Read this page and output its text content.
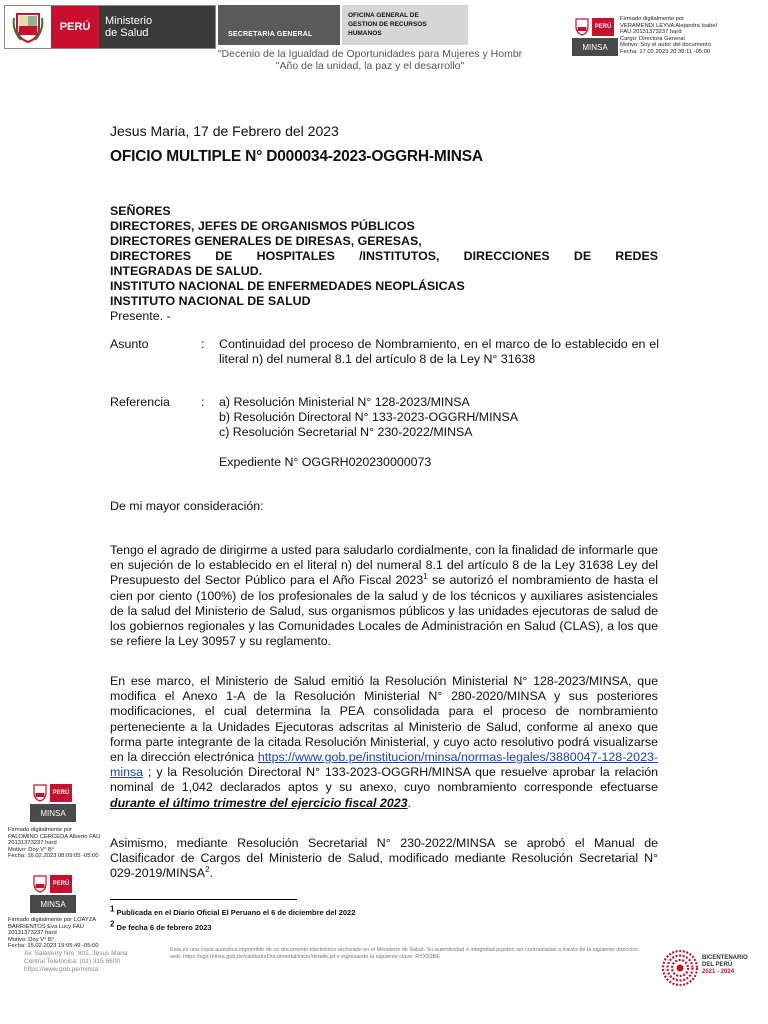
PERÚ	Ministerio
de Salud	SECRETARIA GENERAL
OFICINA GENERAL DE
GESTION DE RECURSOS
HUMANOS
PERÚ
MINSA
Firmado digitalmente por
VERAMENDI LEYVA Alejandra Isabel
FAU 20131373237 hard
Cargo: Directora General
Motivo: Soy el autor del documento
Fecha: 17.02.2023 20:38:11 -05:00
"Decenio de la Igualdad de Oportunidades para Mujeres y Hombr
"Año de la unidad, la paz y el desarrollo"
Jesus Maria, 17 de Febrero del 2023
OFICIO MULTIPLE N° D000034-2023-OGGRH-MINSA

SEÑORES

DIRECTORES, JEFES DE ORGANISMOS PÚBLICOS

DIRECTORES GENERALES DE DIRESAS, GERESAS,

DIRECTORES DE HOSPITALES /INSTITUTOS, DIRECCIONES DE REDES

INTEGRADAS DE SALUD.

INSTITUTO NACIONAL DE ENFERMEDADES NEOPLÁSICAS

INSTITUTO NACIONAL DE SALUD

Presente. -

Asunto	: Continuidad del proceso de Nombramiento, en el marco de lo establecido en el literal n) del numeral 8.1 del artículo 8 de la Ley N° 31638
Referencia	: a) Resolución Ministerial N° 128-2023/MINSA
b) Resolución Directoral N° 133-2023-OGGRH/MINSA
c) Resolución Secretarial N° 230-2022/MINSA
Expediente N° OGGRH020230000073
De mi mayor consideración:
Tengo el agrado de dirigirme a usted para saludarlo cordialmente, con la finalidad de informarle que en sujeción de lo establecido en el literal n) del numeral 8.1 del artículo 8 de la Ley 31638 Ley del Presupuesto del Sector Público para el Año Fiscal 2023$^1$ se autorizó el nombramiento de hasta el cien por ciento (100%) de los profesionales de la salud y de los técnicos y auxiliares asistenciales de la salud del Ministerio de Salud, sus organismos públicos y las unidades ejecutoras de salud de los gobiernos regionales y las Comunidades Locales de Administración en Salud (CLAS), a los que se refiere la Ley 30957 y su reglamento.
En ese marco, el Ministerio de Salud emitió la Resolución Ministerial N° 128-2023/MINSA, que modifica el Anexo 1-A de la Resolución Ministerial N° 280-2020/MINSA y sus posteriores modificaciones, el cual determina la PEA consolidada para el proceso de nombramiento perteneciente a la Unidades Ejecutoras adscritas al Ministerio de Salud, conforme al anexo que forma parte integrante de la citada Resolución Ministerial, y cuyo acto resolutivo podrá visualizarse en la dirección electrónica https://www.gob.pe/institucion/minsa/normas-legales/3880047-128-2023-minsa ; y la Resolución Directoral N° 133-2023-OGGRH/MINSA que resuelve aprobar la relación nominal de 1,042 declarados aptos y su anexo, cuyo nombramiento corresponde efectuarse durante el último trimestre del ejercicio fiscal 2023.
Asimismo, mediante Resolución Secretarial N° 230-2022/MINSA se aprobó el Manual de Clasificador de Cargos del Ministerio de Salud, modificado mediante Resolución Secretarial N° 029-2019/MINSA$^2$.
$^1$ Publicada en el Diario Oficial El Peruano el 6 de diciembre del 2022
$^2$ De fecha 6 de febrero 2023
PERÚ
MINSA
Firmado digitalmente por
PALOMINO CERCEDA Alberto FAU
20131373237 hard
Motivo: Doy V° B°
Fecha: 16.02.2023 08:09:05 -05:00
PERÚ
MINSA
Firmado digitalmente por LOAYZA
BARRIENTOS Eva Lucy FAU
20131373237 hard
Motivo: Doy V° B°
Fecha: 15.02.2023 19:05:49 -05:00
Av. Salaverry Nro. 801, Jesus Maria
Central Telefónica: (01) 315 6600
https://www.gob.pe/minsa
Esta es una copia auténtica imprimible de un documento electrónico archivado en el Ministerio de Salud. Su autenticidad e integridad pueden ser contrastadas a través de la siguiente dirección web: https://sgd.minsa.gob.pe/validadorDocumental/inicio/detalle.jsf e ingresando la siguiente clave: RYX52BE	BICENTENARIO
DEL PERÚ
2021 - 2024
